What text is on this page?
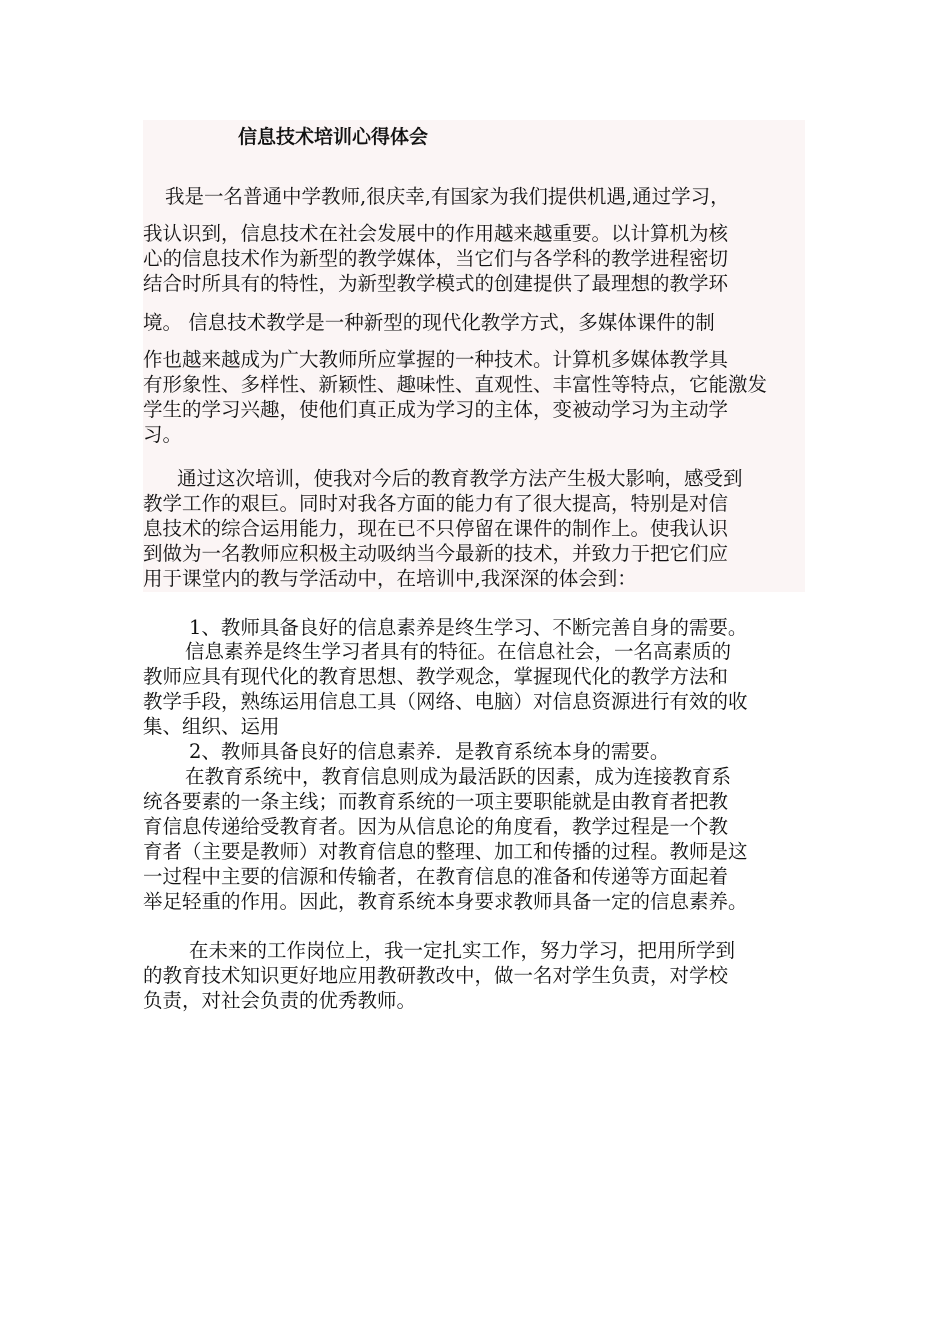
信息技术培训心得体会
我是一名普通中学教师,很庆幸,有国家为我们提供机遇,通过学习，
我认识到，信息技术在社会发展中的作用越来越重要。以计算机为核
心的信息技术作为新型的教学媒体，当它们与各学科的教学进程密切
结合时所具有的特性，为新型教学模式的创建提供了最理想的教学环
境。 信息技术教学是一种新型的现代化教学方式，多媒体课件的制
作也越来越成为广大教师所应掌握的一种技术。计算机多媒体教学具
有形象性、多样性、新颖性、趣味性、直观性、丰富性等特点，它能激发
学生的学习兴趣，使他们真正成为学习的主体，变被动学习为主动学
习。
通过这次培训，使我对今后的教育教学方法产生极大影响，感受到
教学工作的艰巨。同时对我各方面的能力有了很大提高，特别是对信
息技术的综合运用能力，现在已不只停留在课件的制作上。使我认识
到做为一名教师应积极主动吸纳当今最新的技术，并致力于把它们应
用于课堂内的教与学活动中，在培训中,我深深的体会到：
1、教师具备良好的信息素养是终生学习、不断完善自身的需要。
信息素养是终生学习者具有的特征。在信息社会，一名高素质的
教师应具有现代化的教育思想、教学观念，掌握现代化的教学方法和
教学手段，熟练运用信息工具（网络、电脑）对信息资源进行有效的收
集、组织、运用
2、教师具备良好的信息素养．是教育系统本身的需要。
在教育系统中，教育信息则成为最活跃的因素，成为连接教育系
统各要素的一条主线；而教育系统的一项主要职能就是由教育者把教
育信息传递给受教育者。因为从信息论的角度看，教学过程是一个教
育者（主要是教师）对教育信息的整理、加工和传播的过程。教师是这
一过程中主要的信源和传输者，在教育信息的准备和传递等方面起着
举足轻重的作用。因此，教育系统本身要求教师具备一定的信息素养。
在未来的工作岗位上，我一定扎实工作，努力学习，把用所学到
的教育技术知识更好地应用教研教改中，做一名对学生负责，对学校
负责，对社会负责的优秀教师。
